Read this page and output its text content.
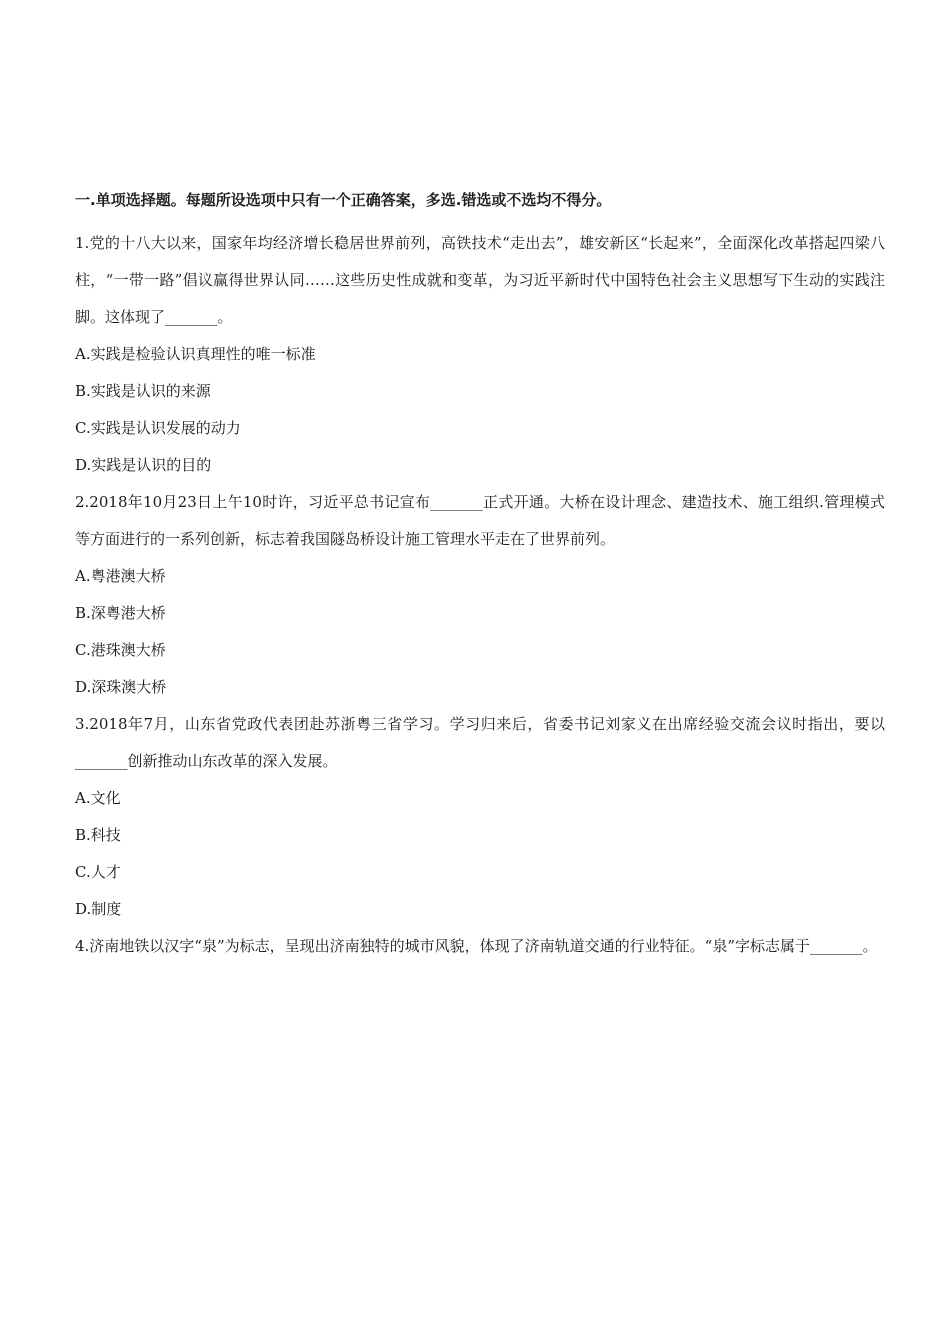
一.单项选择题。每题所设选项中只有一个正确答案，多选.错选或不选均不得分。

1.党的十八大以来，国家年均经济增长稳居世界前列，高铁技术“走出去”，雄安新区“长起来”，全面深化改革搭起四梁八柱，“一带一路”倡议赢得世界认同……这些历史性成就和变革，为习近平新时代中国特色社会主义思想写下生动的实践注脚。这体现了_______。

A.实践是检验认识真理性的唯一标准

B.实践是认识的来源

C.实践是认识发展的动力

D.实践是认识的目的

2.2018年10月23日上午10时许，习近平总书记宣布_______正式开通。大桥在设计理念、建造技术、施工组织.管理模式等方面进行的一系列创新，标志着我国隧岛桥设计施工管理水平走在了世界前列。

A.粤港澳大桥

B.深粤港大桥

C.港珠澳大桥

D.深珠澳大桥

3.2018年7月，山东省党政代表团赴苏浙粤三省学习。学习归来后，省委书记刘家义在出席经验交流会议时指出，要以_______创新推动山东改革的深入发展。

A.文化

B.科技

C.人才

D.制度

4.济南地铁以汉字“泉”为标志，呈现出济南独特的城市风貌，体现了济南轨道交通的行业特征。“泉”字标志属于_______。
